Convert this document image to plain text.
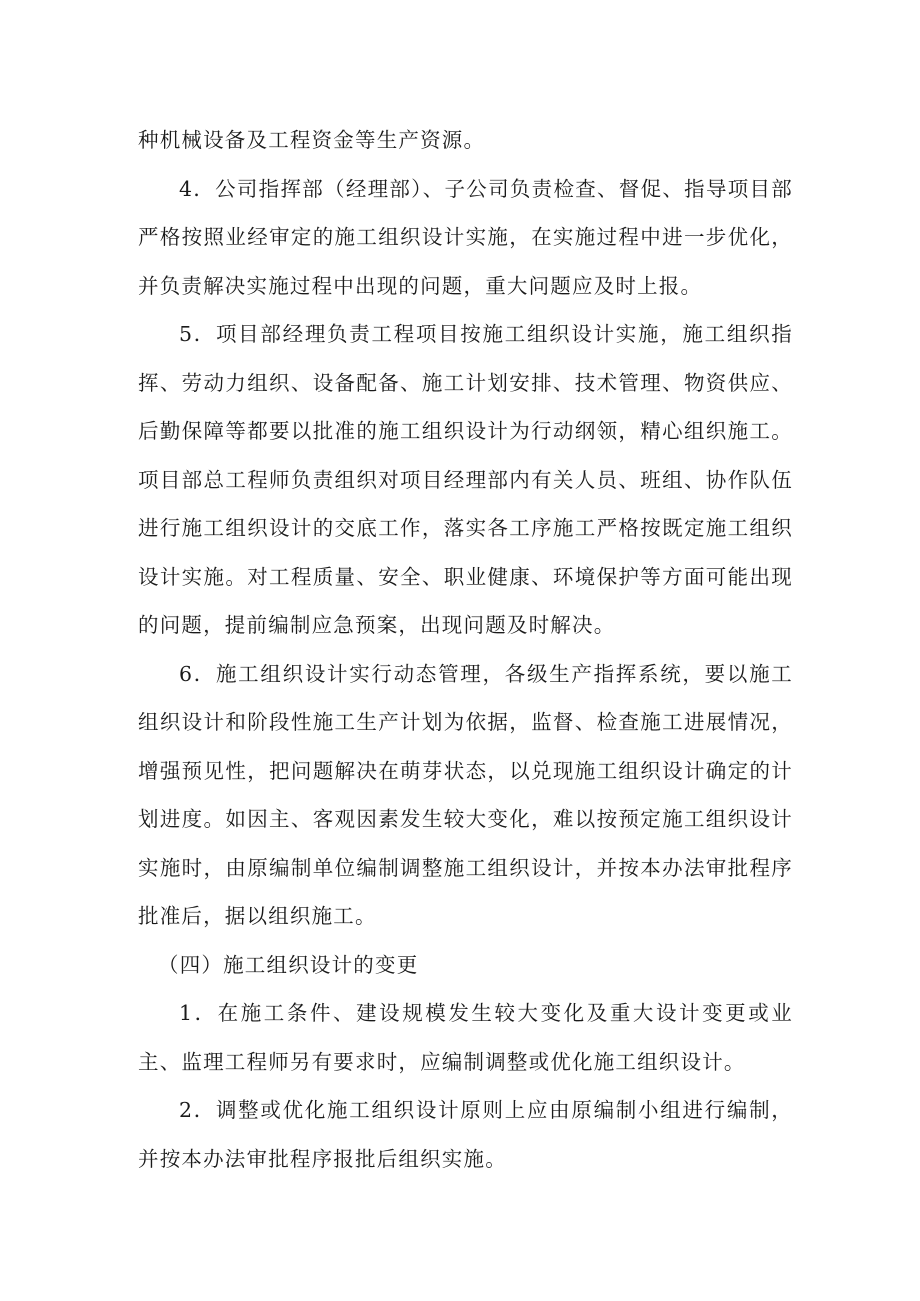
种机械设备及工程资金等生产资源。

4．公司指挥部（经理部）、子公司负责检查、督促、指导项目部严格按照业经审定的施工组织设计实施，在实施过程中进一步优化，并负责解决实施过程中出现的问题，重大问题应及时上报。

5．项目部经理负责工程项目按施工组织设计实施，施工组织指挥、劳动力组织、设备配备、施工计划安排、技术管理、物资供应、后勤保障等都要以批准的施工组织设计为行动纲领，精心组织施工。项目部总工程师负责组织对项目经理部内有关人员、班组、协作队伍进行施工组织设计的交底工作，落实各工序施工严格按既定施工组织设计实施。对工程质量、安全、职业健康、环境保护等方面可能出现的问题，提前编制应急预案，出现问题及时解决。

6．施工组织设计实行动态管理，各级生产指挥系统，要以施工组织设计和阶段性施工生产计划为依据，监督、检查施工进展情况，增强预见性，把问题解决在萌芽状态，以兑现施工组织设计确定的计划进度。如因主、客观因素发生较大变化，难以按预定施工组织设计实施时，由原编制单位编制调整施工组织设计，并按本办法审批程序批准后，据以组织施工。

（四）施工组织设计的变更

1．在施工条件、建设规模发生较大变化及重大设计变更或业主、监理工程师另有要求时，应编制调整或优化施工组织设计。

2．调整或优化施工组织设计原则上应由原编制小组进行编制，并按本办法审批程序报批后组织实施。
